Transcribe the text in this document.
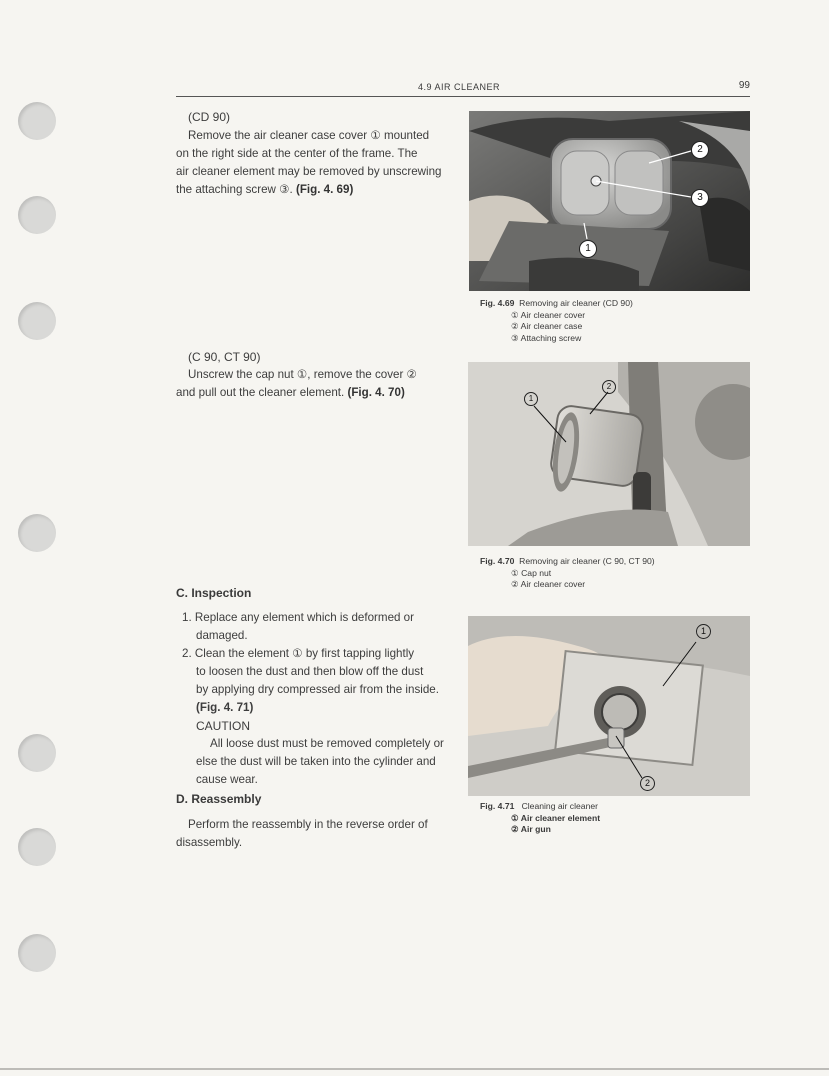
4.9 AIR CLEANER	99
(CD 90)
Remove the air cleaner case cover ① mounted
on the right side at the center of the frame. The
air cleaner element may be removed by unscrewing
the attaching screw ③. (Fig. 4. 69)
(C 90, CT 90)
Unscrew the cap nut ①, remove the cover ②
and pull out the cleaner element. (Fig. 4. 70)
C. Inspection
1. Replace any element which is deformed or
damaged.
2. Clean the element ① by first tapping lightly
to loosen the dust and then blow off the dust
by applying dry compressed air from the inside.
(Fig. 4. 71)
CAUTION
All loose dust must be removed completely or
else the dust will be taken into the cylinder and
cause wear.
D. Reassembly
Perform the reassembly in the reverse order of
disassembly.
2
3
1
Fig. 4.69 Removing air cleaner (CD 90)
① Air cleaner cover
② Air cleaner case
③ Attaching screw
1
2
Fig. 4.70 Removing air cleaner (C 90, CT 90)
① Cap nut
② Air cleaner cover
1
2
Fig. 4.71 Cleaning air cleaner
① Air cleaner element
② Air gun
